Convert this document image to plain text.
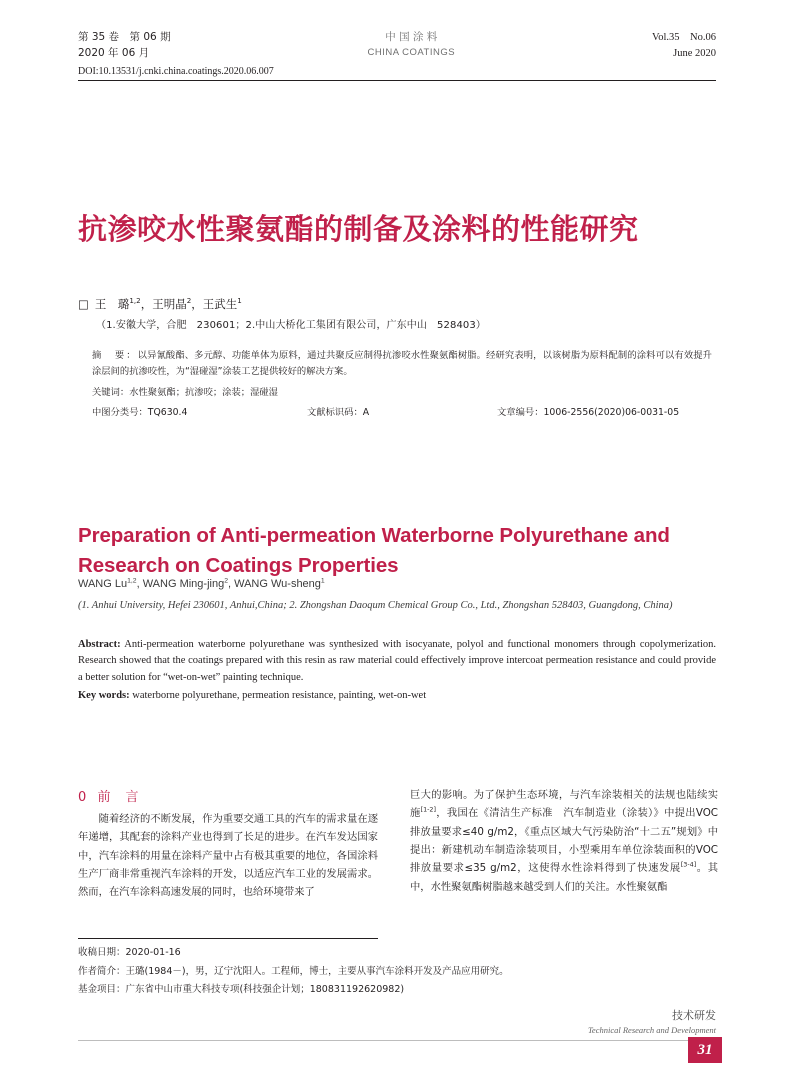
第 35 卷　第 06 期
2020 年 06 月
中 国 涂 料
CHINA COATINGS
Vol.35　No.06
June 2020
DOI:10.13531/j.cnki.china.coatings.2020.06.007
抗渗咬水性聚氨酯的制备及涂料的性能研究
□ 王　璐$^{1,2}$，王明晶$^2$，王武生$^1$
（1.安徽大学，合肥　230601；2.中山大桥化工集团有限公司，广东中山　528403）
摘　要：以异氰酸酯、多元醇、功能单体为原料，通过共聚反应制得抗渗咬水性聚氨酯树脂。经研究表明，以该树脂为原料配制的涂料可以有效提升涂层间的抗渗咬性，为“湿碰湿”涂装工艺提供较好的解决方案。
关键词：水性聚氨酯；抗渗咬；涂装；湿碰湿
中图分类号：TQ630.4	文献标识码：A	文章编号：1006-2556(2020)06-0031-05
Preparation of Anti-permeation Waterborne Polyurethane and Research on Coatings Properties
WANG Lu$^{1,2}$, WANG Ming-jing$^2$, WANG Wu-sheng$^1$
(1. Anhui University, Hefei 230601, Anhui,China; 2. Zhongshan Daoqum Chemical Group Co., Ltd., Zhongshan 528403, Guangdong, China)
Abstract: Anti-permeation waterborne polyurethane was synthesized with isocyanate, polyol and functional monomers through copolymerization. Research showed that the coatings prepared with this resin as raw material could effectively improve intercoat permeation resistance and could provide a better solution for “wet-on-wet” painting technique.
Key words: waterborne polyurethane, permeation resistance, painting, wet-on-wet
0 前　言
随着经济的不断发展，作为重要交通工具的汽车的需求量在逐年递增，其配套的涂料产业也得到了长足的进步。在汽车发达国家中，汽车涂料的用量在涂料产量中占有极其重要的地位，各国涂料生产厂商非常重视汽车涂料的开发，以适应汽车工业的发展需求。然而，在汽车涂料高速发展的同时，也给环境带来了
巨大的影响。为了保护生态环境，与汽车涂装相关的法规也陆续实施[1-2]，我国在《清洁生产标准　汽车制造业（涂装）》中提出VOC排放量要求≤40 g/m2，《重点区域大气污染防治“十二五”规划》中提出：新建机动车制造涂装项目，小型乘用车单位涂装面积的VOC排放量要求≤35 g/m2，这使得水性涂料得到了快速发展[3-4]。其中，水性聚氨酯树脂越来越受到人们的关注。水性聚氨酯
收稿日期：2020-01-16
作者简介：王璐(1984－)，男，辽宁沈阳人。工程师，博士，主要从事汽车涂料开发及产品应用研究。
基金项目：广东省中山市重大科技专项(科技强企计划；180831192620982)
技术研发
Technical Research and Development
31
